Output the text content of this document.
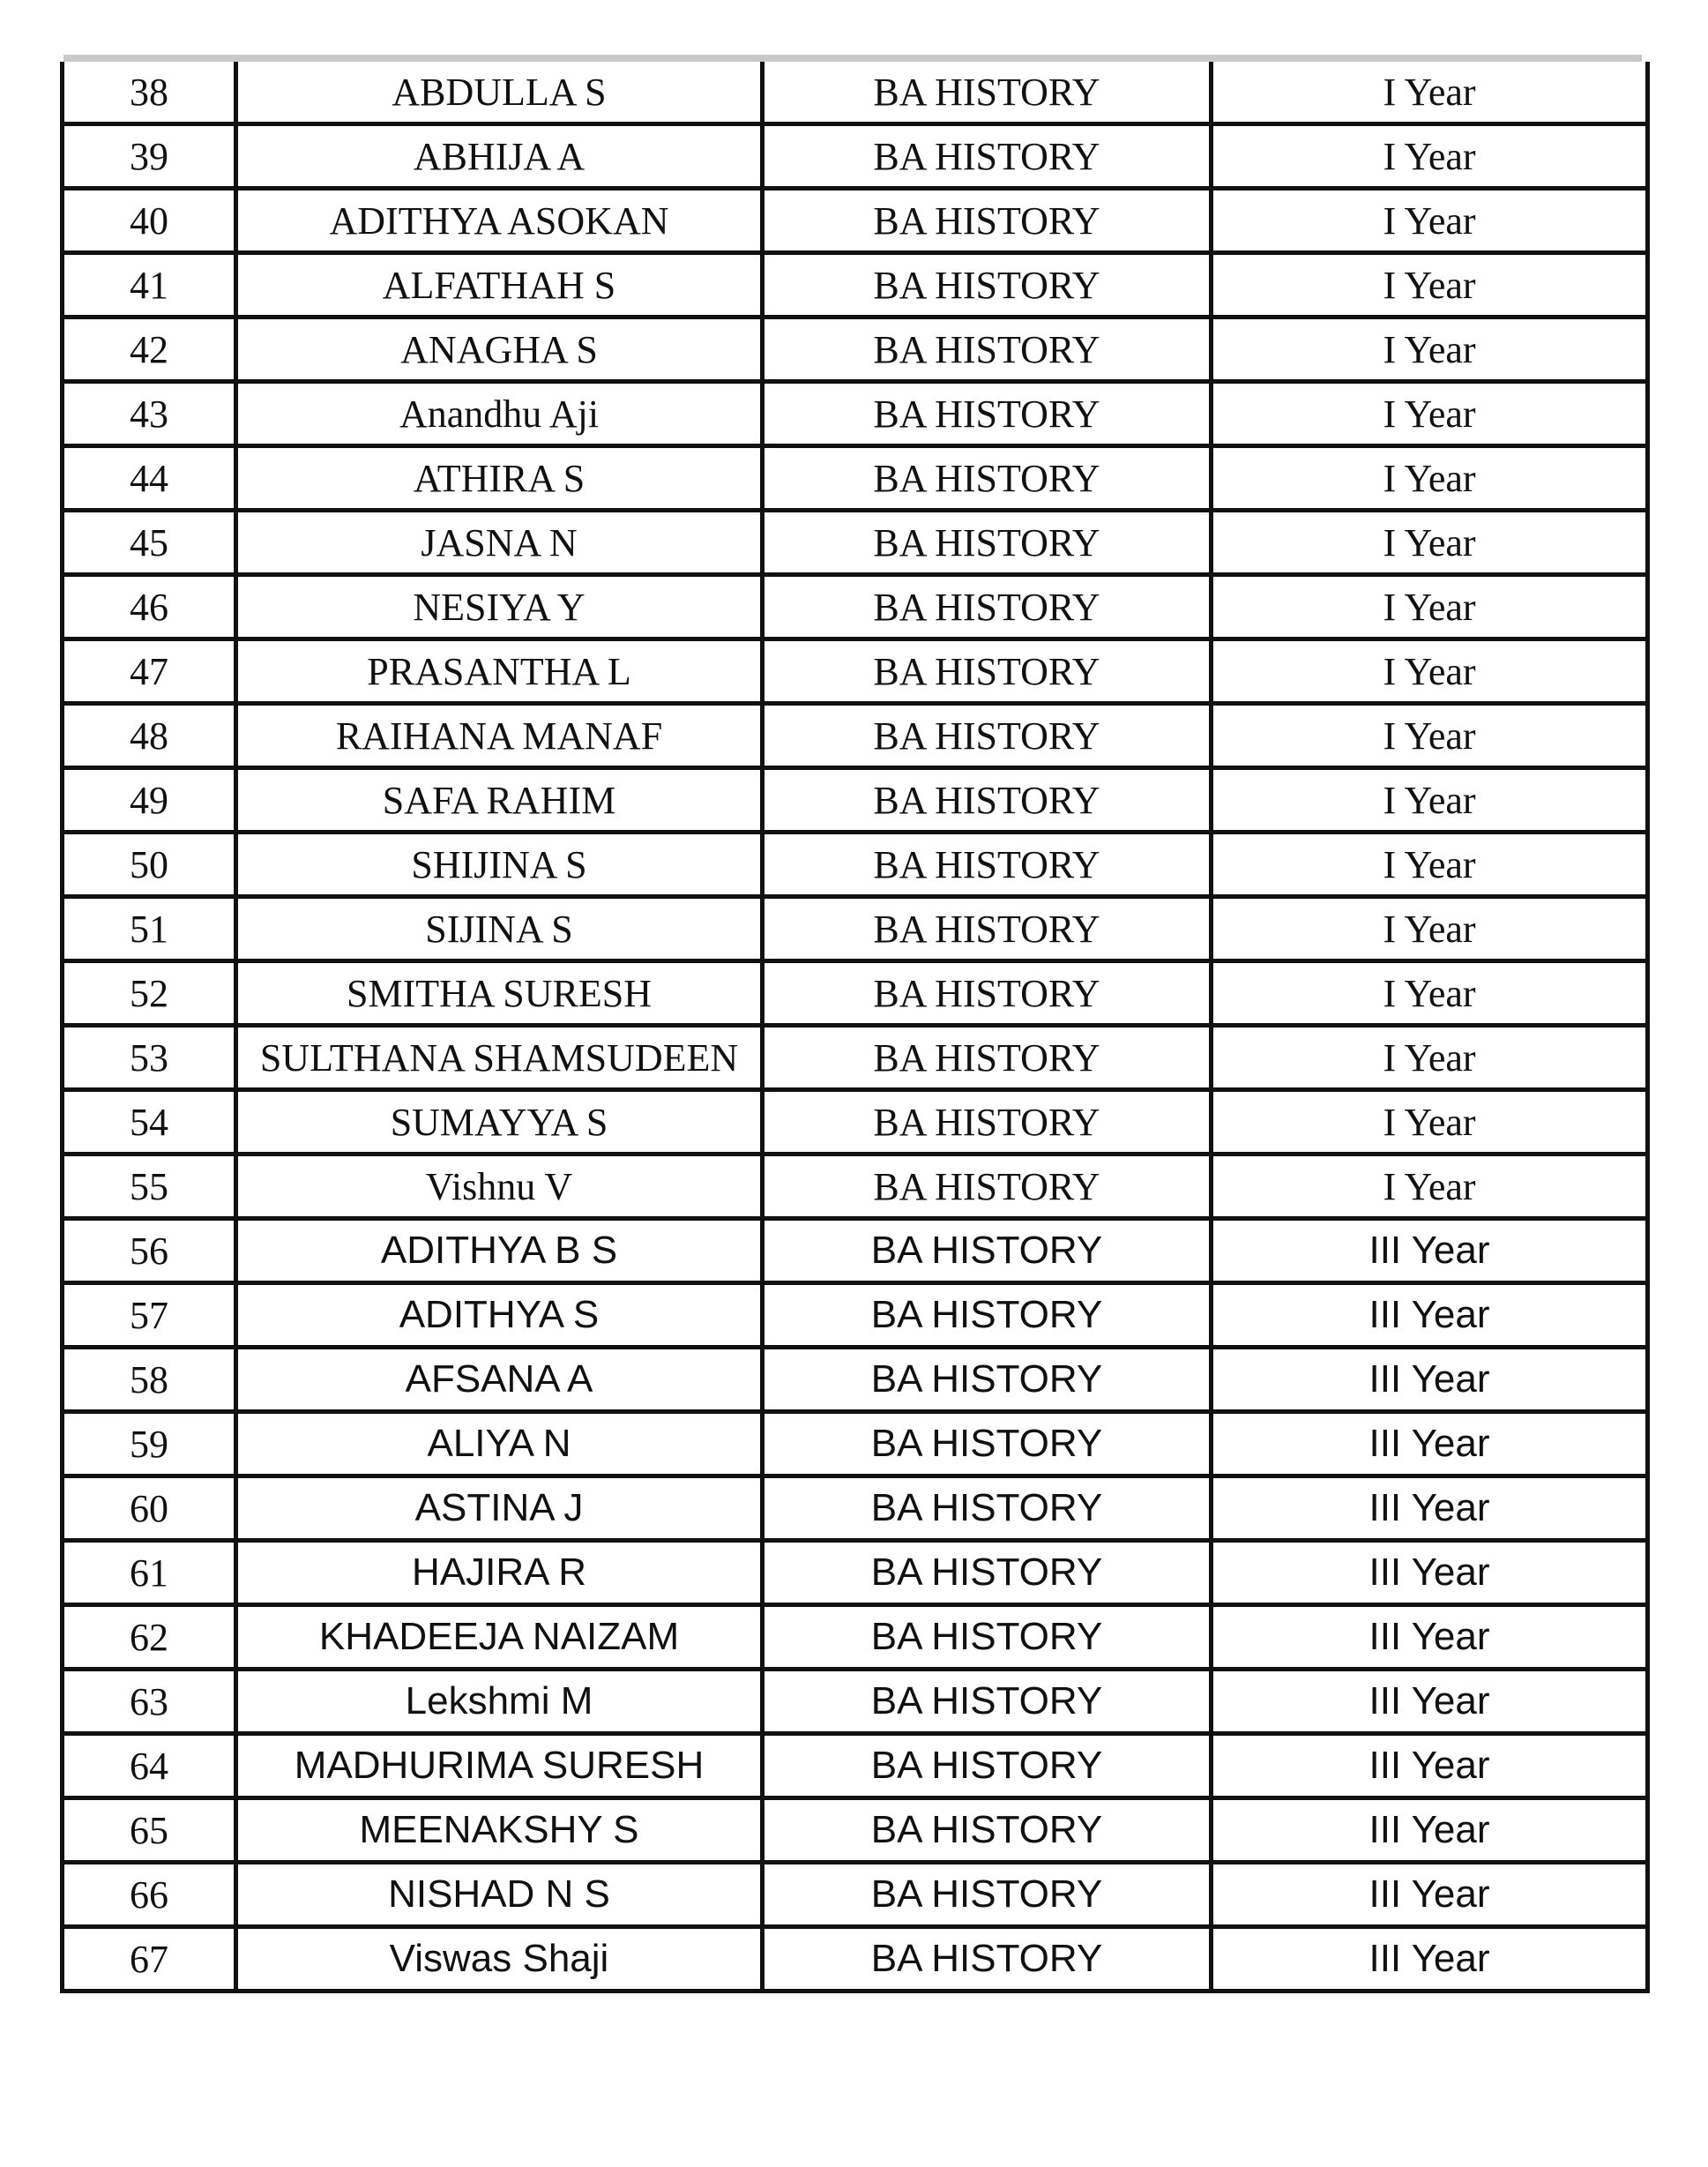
38	ABDULLA S	BA HISTORY	I Year
39	ABHIJA A	BA HISTORY	I Year
40	ADITHYA ASOKAN	BA HISTORY	I Year
41	ALFATHAH S	BA HISTORY	I Year
42	ANAGHA S	BA HISTORY	I Year
43	Anandhu Aji	BA HISTORY	I Year
44	ATHIRA S	BA HISTORY	I Year
45	JASNA N	BA HISTORY	I Year
46	NESIYA Y	BA HISTORY	I Year
47	PRASANTHA L	BA HISTORY	I Year
48	RAIHANA MANAF	BA HISTORY	I Year
49	SAFA RAHIM	BA HISTORY	I Year
50	SHIJINA S	BA HISTORY	I Year
51	SIJINA S	BA HISTORY	I Year
52	SMITHA SURESH	BA HISTORY	I Year
53	SULTHANA SHAMSUDEEN	BA HISTORY	I Year
54	SUMAYYA S	BA HISTORY	I Year
55	Vishnu V	BA HISTORY	I Year
56	ADITHYA B S	BA HISTORY	III Year
57	ADITHYA S	BA HISTORY	III Year
58	AFSANA A	BA HISTORY	III Year
59	ALIYA N	BA HISTORY	III Year
60	ASTINA J	BA HISTORY	III Year
61	HAJIRA R	BA HISTORY	III Year
62	KHADEEJA NAIZAM	BA HISTORY	III Year
63	Lekshmi M	BA HISTORY	III Year
64	MADHURIMA SURESH	BA HISTORY	III Year
65	MEENAKSHY S	BA HISTORY	III Year
66	NISHAD N S	BA HISTORY	III Year
67	Viswas Shaji	BA HISTORY	III Year
